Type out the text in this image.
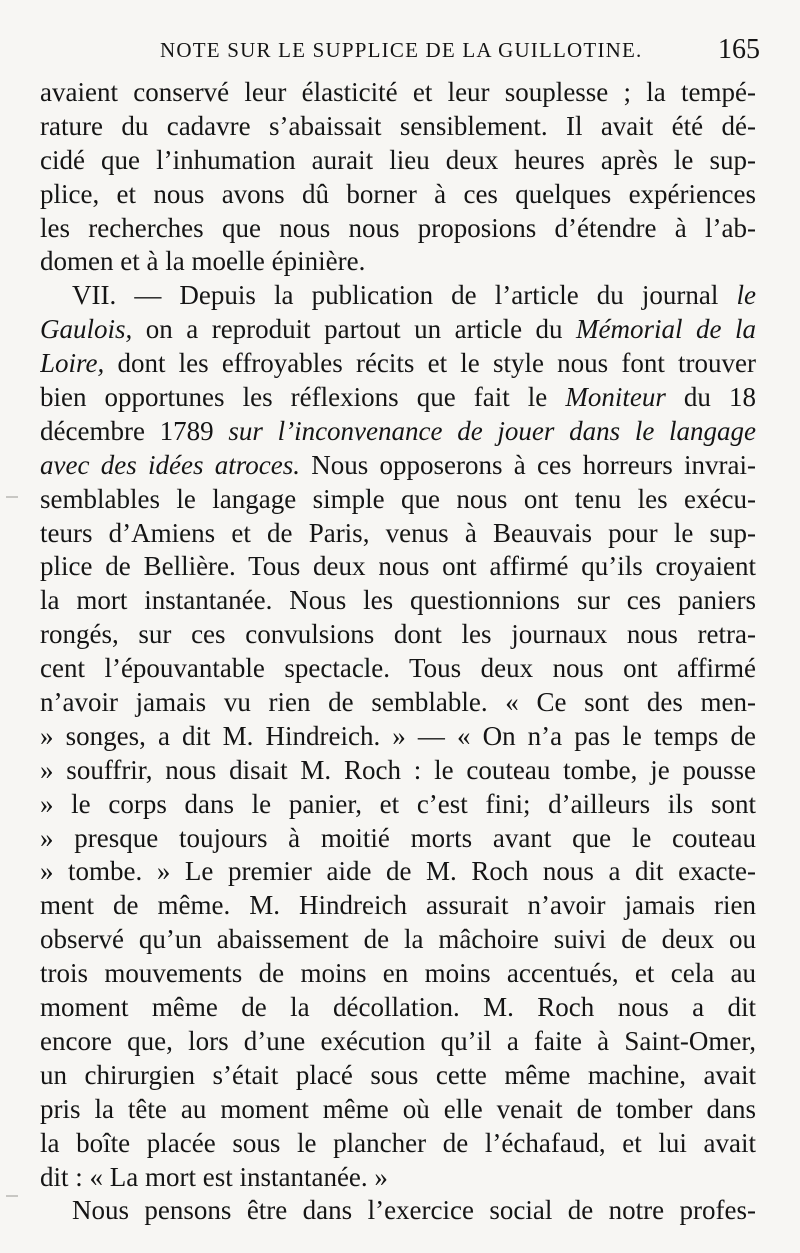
NOTE SUR LE SUPPLICE DE LA GUILLOTINE.	165
avaient conservé leur élasticité et leur souplesse ; la tempé-
rature du cadavre s’abaissait sensiblement. Il avait été dé-
cidé que l’inhumation aurait lieu deux heures après le sup-
plice, et nous avons dû borner à ces quelques expériences
les recherches que nous nous proposions d’étendre à l’ab-
domen et à la moelle épinière.
VII. — Depuis la publication de l’article du journal le
Gaulois, on a reproduit partout un article du Mémorial de la
Loire, dont les effroyables récits et le style nous font trouver
bien opportunes les réflexions que fait le Moniteur du 18
décembre 1789 sur l’inconvenance de jouer dans le langage
avec des idées atroces. Nous opposerons à ces horreurs invrai-
semblables le langage simple que nous ont tenu les exécu-
teurs d’Amiens et de Paris, venus à Beauvais pour le sup-
plice de Bellière. Tous deux nous ont affirmé qu’ils croyaient
la mort instantanée. Nous les questionnions sur ces paniers
rongés, sur ces convulsions dont les journaux nous retra-
cent l’épouvantable spectacle. Tous deux nous ont affirmé
n’avoir jamais vu rien de semblable. « Ce sont des men-
» songes, a dit M. Hindreich. » — « On n’a pas le temps de
» souffrir, nous disait M. Roch : le couteau tombe, je pousse
» le corps dans le panier, et c’est fini; d’ailleurs ils sont
» presque toujours à moitié morts avant que le couteau
» tombe. » Le premier aide de M. Roch nous a dit exacte-
ment de même. M. Hindreich assurait n’avoir jamais rien
observé qu’un abaissement de la mâchoire suivi de deux ou
trois mouvements de moins en moins accentués, et cela au
moment même de la décollation. M. Roch nous a dit
encore que, lors d’une exécution qu’il a faite à Saint-Omer,
un chirurgien s’était placé sous cette même machine, avait
pris la tête au moment même où elle venait de tomber dans
la boîte placée sous le plancher de l’échafaud, et lui avait
dit : « La mort est instantanée. »
Nous pensons être dans l’exercice social de notre profes-
